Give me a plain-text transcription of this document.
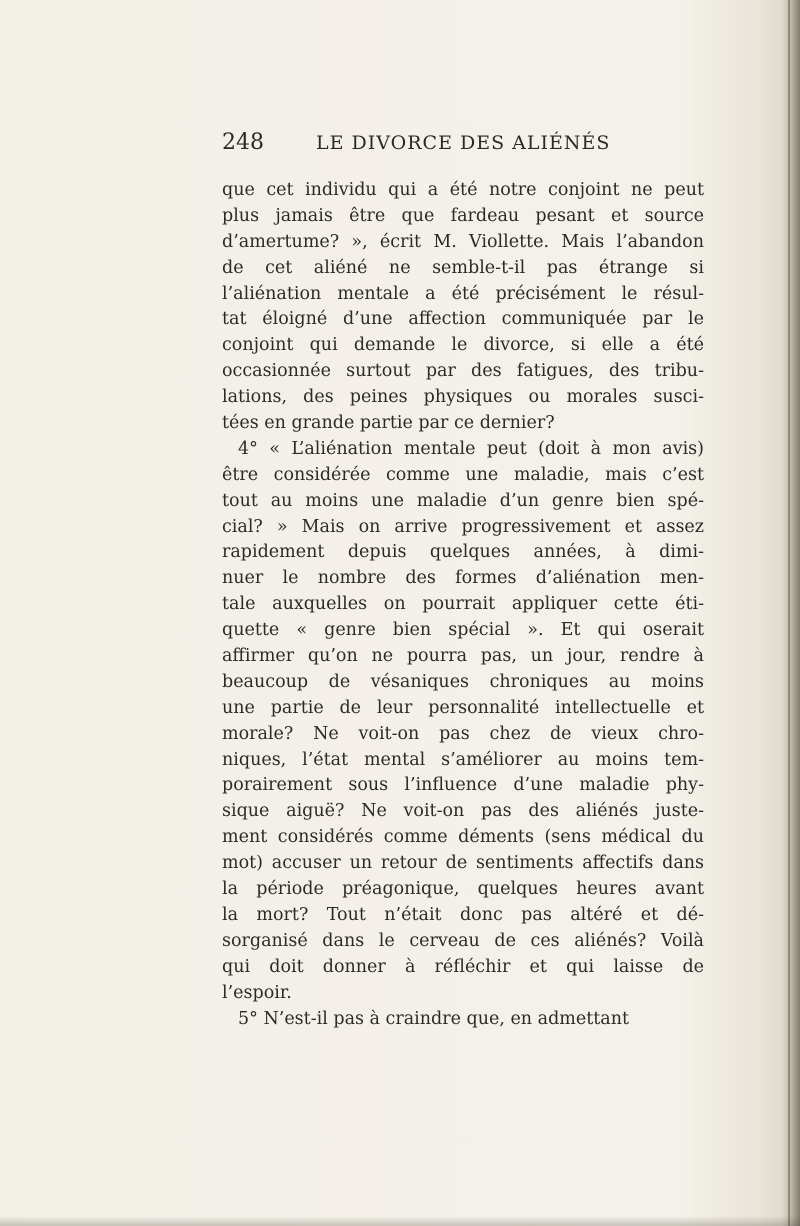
248	LE DIVORCE DES ALIÉNÉS
que cet individu qui a été notre conjoint ne peut
plus jamais être que fardeau pesant et source
d’amertume? », écrit M. Viollette. Mais l’abandon
de cet aliéné ne semble-t-il pas étrange si
l’aliénation mentale a été précisément le résul-
tat éloigné d’une affection communiquée par le
conjoint qui demande le divorce, si elle a été
occasionnée surtout par des fatigues, des tribu-
lations, des peines physiques ou morales susci-
tées en grande partie par ce dernier?
4° « L’aliénation mentale peut (doit à mon avis)
être considérée comme une maladie, mais c’est
tout au moins une maladie d’un genre bien spé-
cial? » Mais on arrive progressivement et assez
rapidement depuis quelques années, à dimi-
nuer le nombre des formes d’aliénation men-
tale auxquelles on pourrait appliquer cette éti-
quette « genre bien spécial ». Et qui oserait
affirmer qu’on ne pourra pas, un jour, rendre à
beaucoup de vésaniques chroniques au moins
une partie de leur personnalité intellectuelle et
morale? Ne voit-on pas chez de vieux chro-
niques, l’état mental s’améliorer au moins tem-
porairement sous l’influence d’une maladie phy-
sique aiguë? Ne voit-on pas des aliénés juste-
ment considérés comme déments (sens médical du
mot) accuser un retour de sentiments affectifs dans
la période préagonique, quelques heures avant
la mort? Tout n’était donc pas altéré et dé-
sorganisé dans le cerveau de ces aliénés? Voilà
qui doit donner à réfléchir et qui laisse de
l’espoir.
5° N’est-il pas à craindre que, en admettant
